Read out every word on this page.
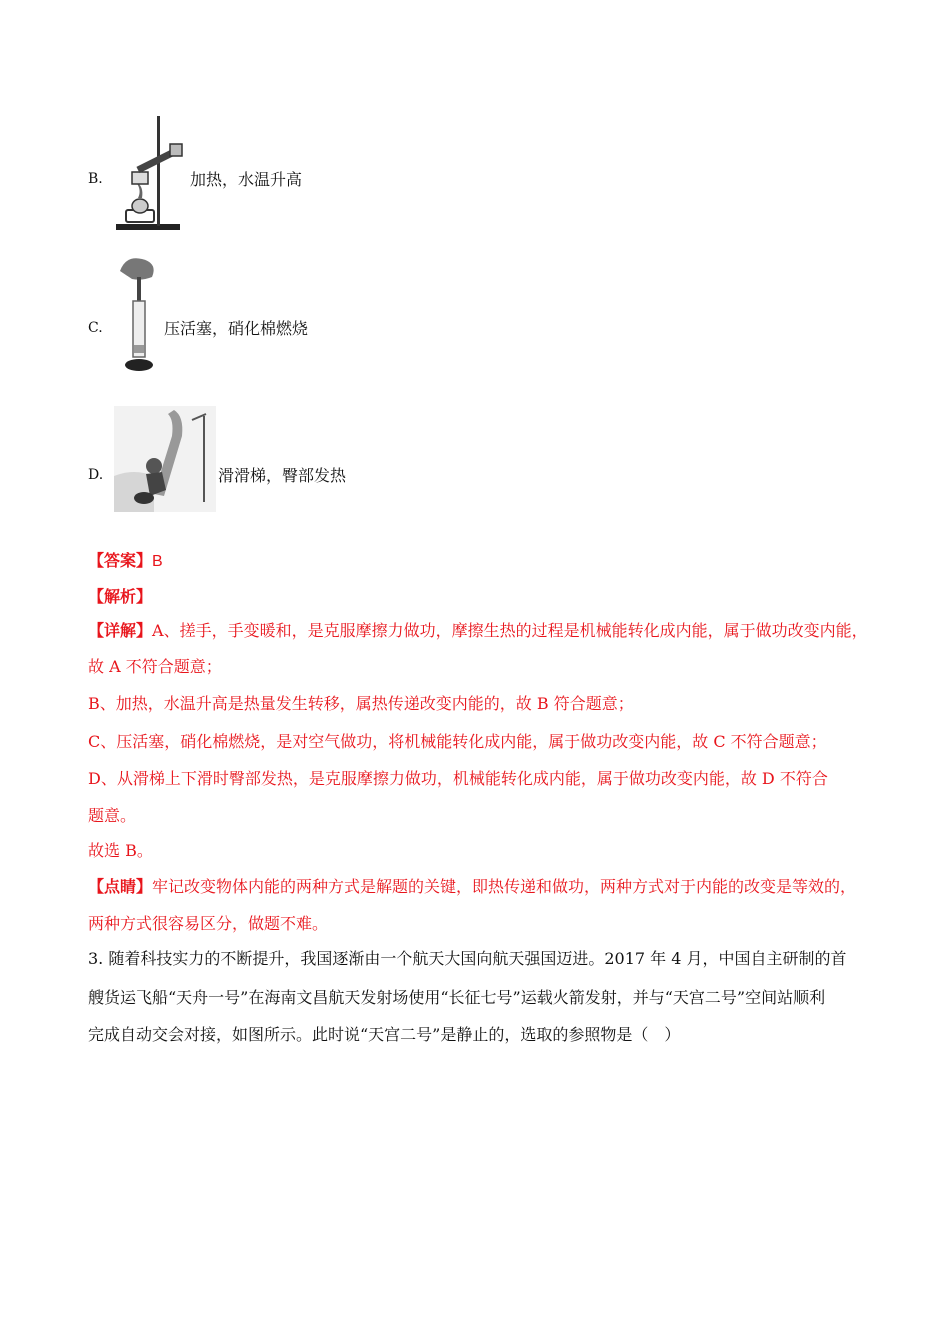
B.	加热，水温升高
C.	压活塞，硝化棉燃烧
D.	滑滑梯，臀部发热
【答案】B
【解析】
【详解】A、搓手，手变暖和，是克服摩擦力做功，摩擦生热的过程是机械能转化成内能，属于做功改变内能，
故 A 不符合题意；
B、加热，水温升高是热量发生转移，属热传递改变内能的，故 B 符合题意；
C、压活塞，硝化棉燃烧，是对空气做功，将机械能转化成内能，属于做功改变内能，故 C 不符合题意；
D、从滑梯上下滑时臀部发热，是克服摩擦力做功，机械能转化成内能，属于做功改变内能，故 D 不符合
题意。
故选 B。
【点睛】牢记改变物体内能的两种方式是解题的关键，即热传递和做功，两种方式对于内能的改变是等效的，
两种方式很容易区分，做题不难。
3. 随着科技实力的不断提升，我国逐渐由一个航天大国向航天强国迈进。2017 年 4 月，中国自主研制的首
艘货运飞船“天舟一号”在海南文昌航天发射场使用“长征七号”运载火箭发射，并与“天宫二号”空间站顺利
完成自动交会对接，如图所示。此时说“天宫二号”是静止的，选取的参照物是（　）
